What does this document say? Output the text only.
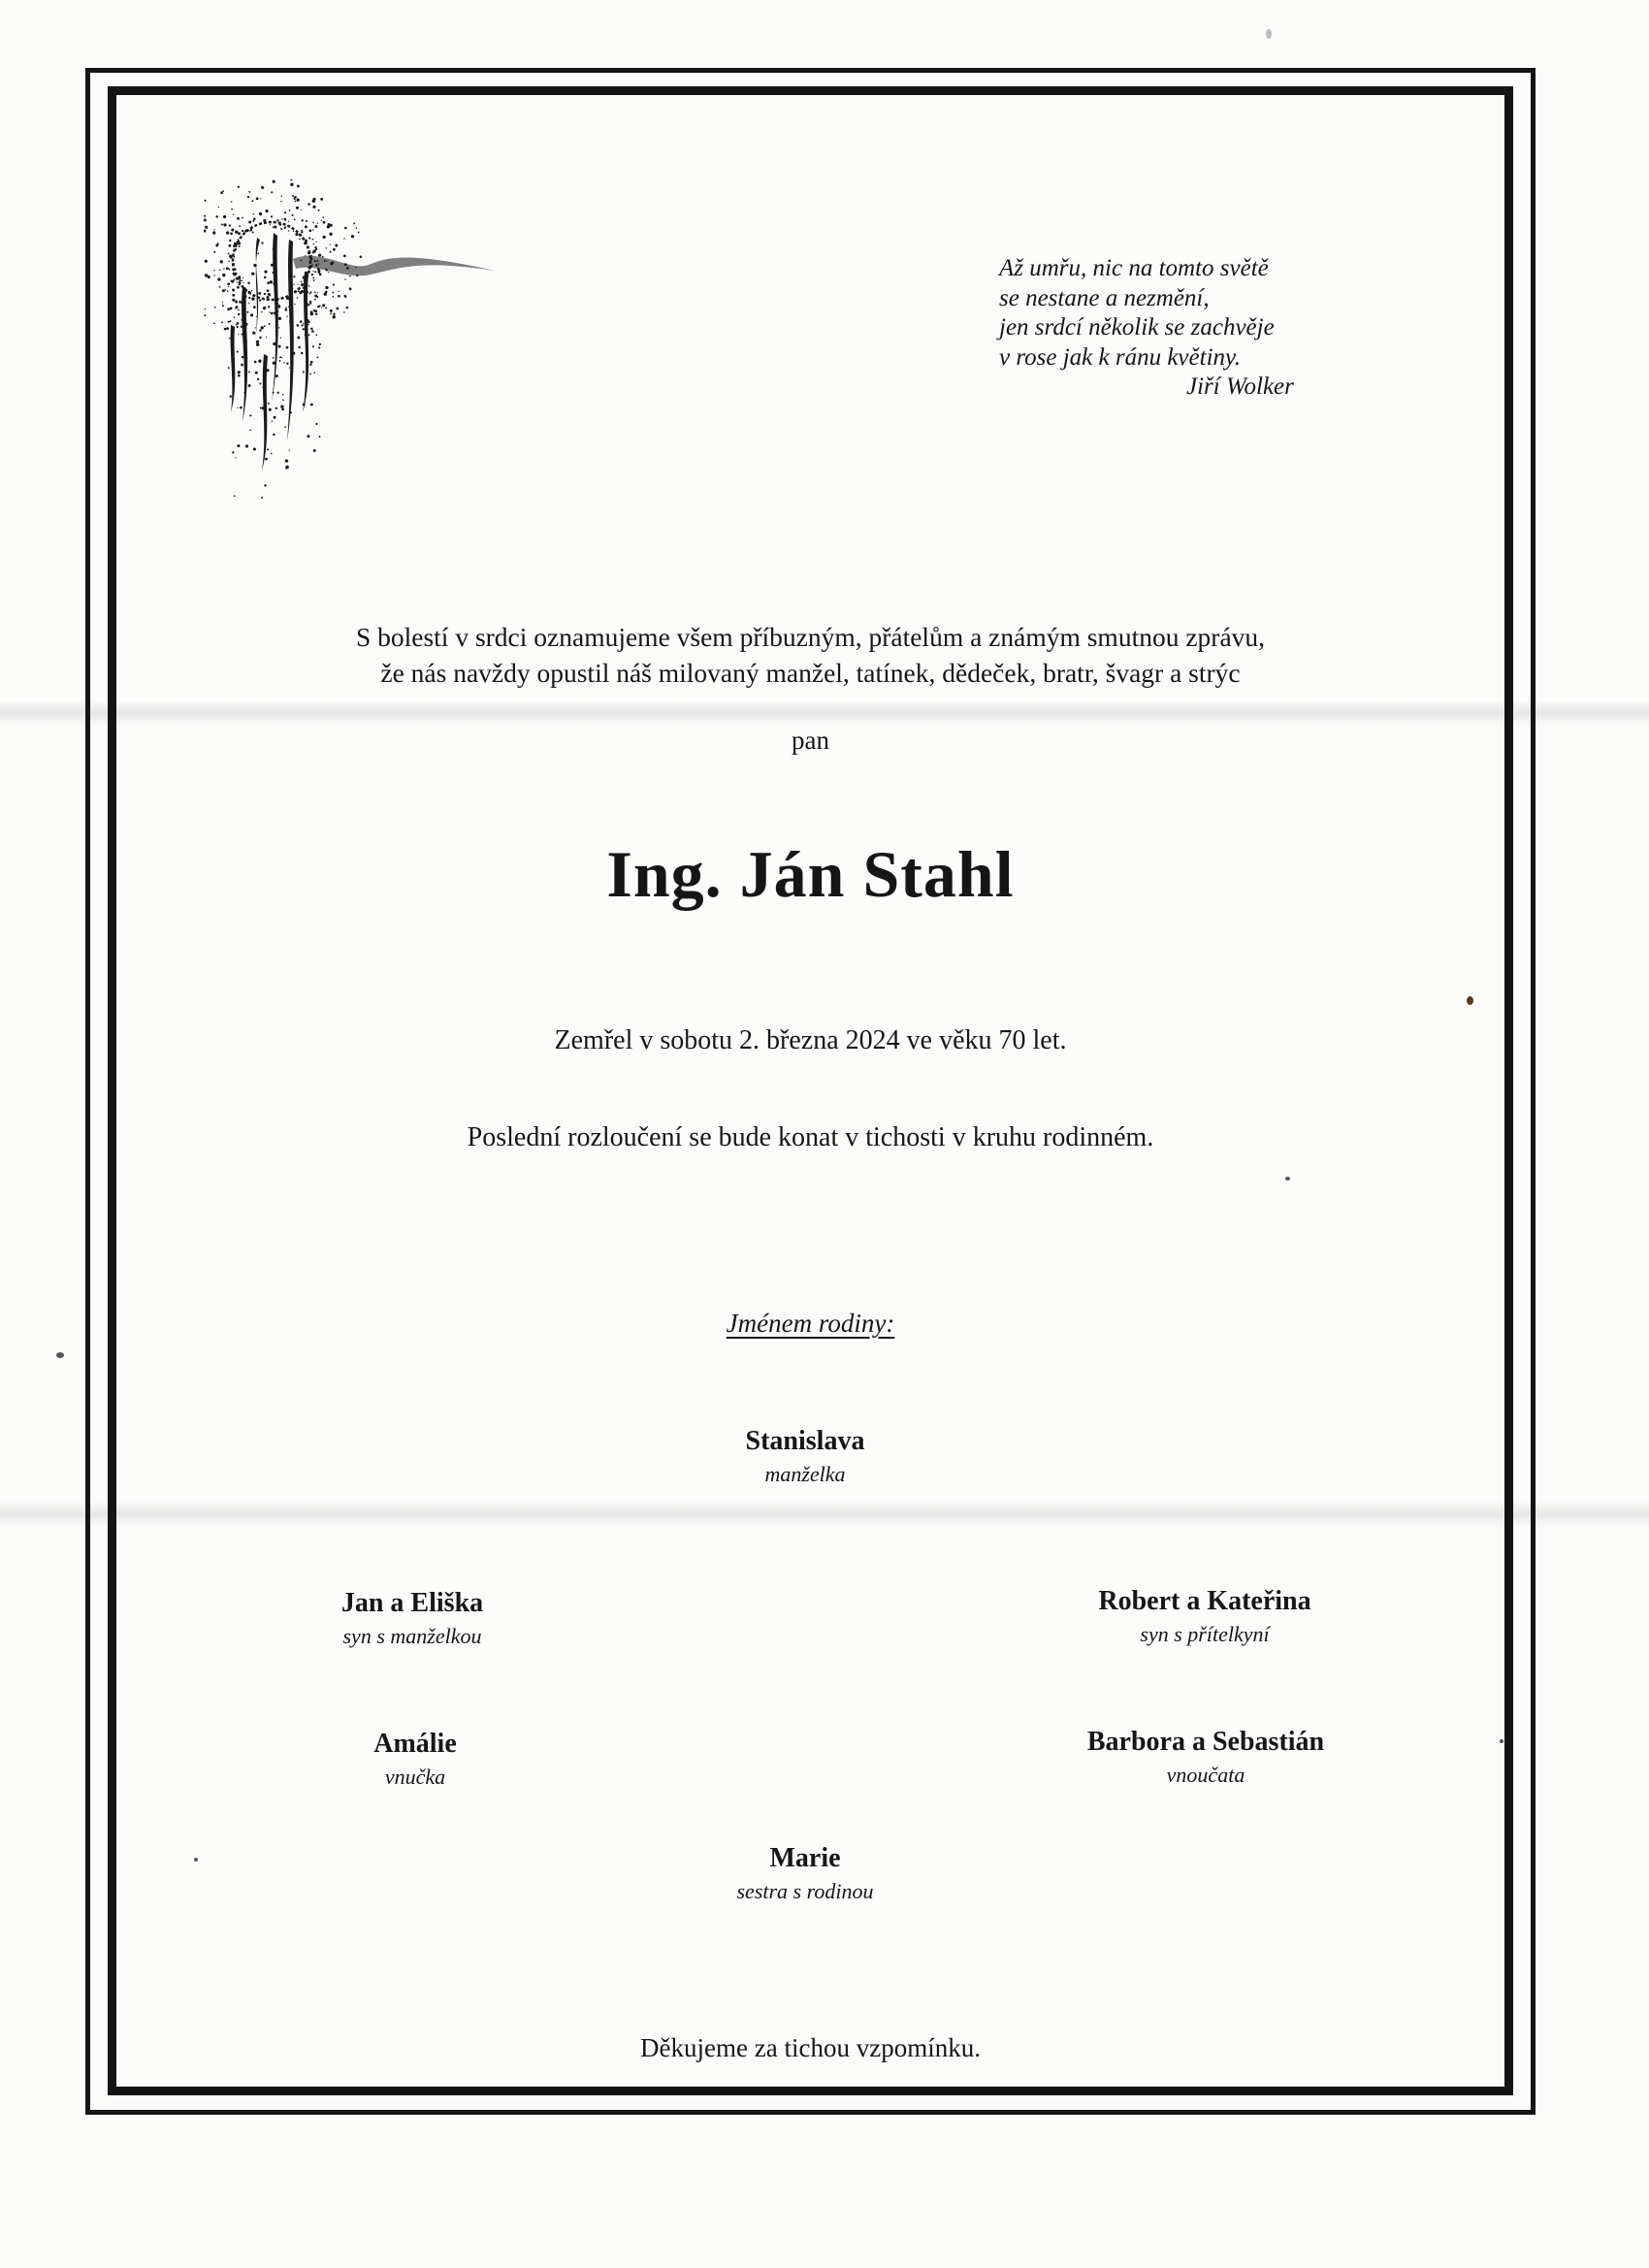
Až umřu, nic na tomto světě
se nestane a nezmění,
jen srdcí několik se zachvěje
v rose jak k ránu květiny.
Jiří Wolker
S bolestí v srdci oznamujeme všem příbuzným, přátelům a známým smutnou zprávu,
že nás navždy opustil náš milovaný manžel, tatínek, dědeček, bratr, švagr a strýc
pan
Ing. Ján Stahl
Zemřel v sobotu 2. března 2024 ve věku 70 let.
Poslední rozloučení se bude konat v tichosti v kruhu rodinném.
Jménem rodiny:
Stanislava
manželka
Jan a Eliška
syn s manželkou
Robert a Kateřina
syn s přítelkyní
Amálie
vnučka
Barbora a Sebastián
vnoučata
Marie
sestra s rodinou
Děkujeme za tichou vzpomínku.
